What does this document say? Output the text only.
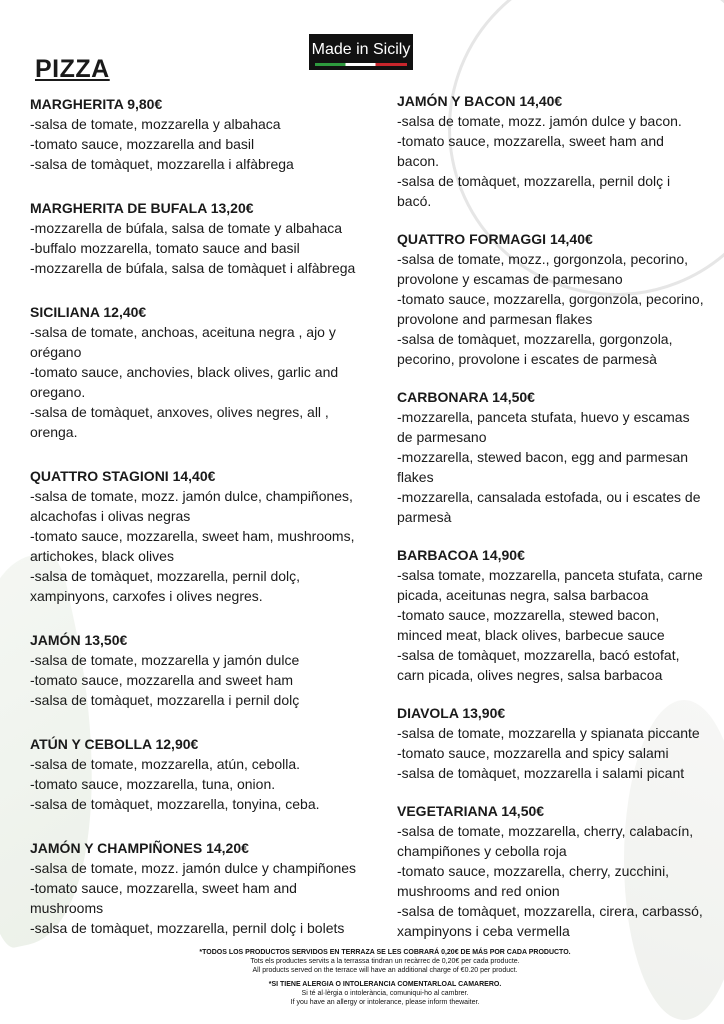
PIZZA
Made in Sicily
MARGHERITA 9,80€
-salsa de tomate, mozzarella y albahaca
-tomato sauce, mozzarella and basil
-salsa de tomàquet, mozzarella i alfàbrega
MARGHERITA DE BUFALA 13,20€
-mozzarella de búfala, salsa de tomate y albahaca
-buffalo mozzarella, tomato sauce and basil
-mozzarella de búfala, salsa de tomàquet i alfàbrega
SICILIANA 12,40€
-salsa de tomate, anchoas, aceituna negra , ajo y
orégano
-tomato sauce, anchovies, black olives, garlic and
oregano.
-salsa de tomàquet, anxoves, olives negres, all ,
orenga.
QUATTRO STAGIONI 14,40€
-salsa de tomate, mozz. jamón dulce, champiñones,
alcachofas i olivas negras
-tomato sauce, mozzarella, sweet ham, mushrooms,
artichokes, black olives
-salsa de tomàquet, mozzarella, pernil dolç,
xampinyons, carxofes i olives negres.
JAMÓN 13,50€
-salsa de tomate, mozzarella y jamón dulce
-tomato sauce, mozzarella and sweet ham
-salsa de tomàquet, mozzarella i pernil dolç
ATÚN Y CEBOLLA 12,90€
-salsa de tomate, mozzarella, atún, cebolla.
-tomato sauce, mozzarella, tuna, onion.
-salsa de tomàquet, mozzarella, tonyina, ceba.
JAMÓN Y CHAMPIÑONES 14,20€
-salsa de tomate, mozz. jamón dulce y champiñones
-tomato sauce, mozzarella, sweet ham and
mushrooms
-salsa de tomàquet, mozzarella, pernil dolç i bolets
JAMÓN Y BACON 14,40€
-salsa de tomate, mozz. jamón dulce y bacon.
-tomato sauce, mozzarella, sweet ham and
bacon.
-salsa de tomàquet, mozzarella, pernil dolç i
bacó.
QUATTRO FORMAGGI 14,40€
-salsa de tomate, mozz., gorgonzola, pecorino,
provolone y escamas de parmesano
-tomato sauce, mozzarella, gorgonzola, pecorino,
provolone and parmesan flakes
-salsa de tomàquet, mozzarella, gorgonzola,
pecorino, provolone i escates de parmesà
CARBONARA 14,50€
-mozzarella, panceta stufata, huevo y escamas
de parmesano
-mozzarella, stewed bacon, egg and parmesan
flakes
-mozzarella, cansalada estofada, ou i escates de
parmesà
BARBACOA 14,90€
-salsa tomate, mozzarella, panceta stufata, carne
picada, aceitunas negra, salsa barbacoa
-tomato sauce, mozzarella, stewed bacon,
minced meat, black olives, barbecue sauce
-salsa de tomàquet, mozzarella, bacó estofat,
carn picada, olives negres, salsa barbacoa
DIAVOLA 13,90€
-salsa de tomate, mozzarella y spianata piccante
-tomato sauce, mozzarella and spicy salami
-salsa de tomàquet, mozzarella i salami picant
VEGETARIANA 14,50€
-salsa de tomate, mozzarella, cherry, calabacín,
champiñones y cebolla roja
-tomato sauce, mozzarella, cherry, zucchini,
mushrooms and red onion
-salsa de tomàquet, mozzarella, cirera, carbassó,
xampinyons i ceba vermella
*TODOS LOS PRODUCTOS SERVIDOS EN TERRAZA SE LES COBRARÁ 0,20€ DE MÁS POR CADA PRODUCTO.
Tots els productes servits a la terrassa tindran un recàrrec de 0,20€ per cada producte.
All products served on the terrace will have an additional charge of €0.20 per product.
*SI TIENE ALERGIA O INTOLERANCIA COMENTARLOAL CAMARERO.
Si té al·lèrgia o intolerància, comuniqui-ho al cambrer.
If you have an allergy or intolerance, please inform thewaiter.
